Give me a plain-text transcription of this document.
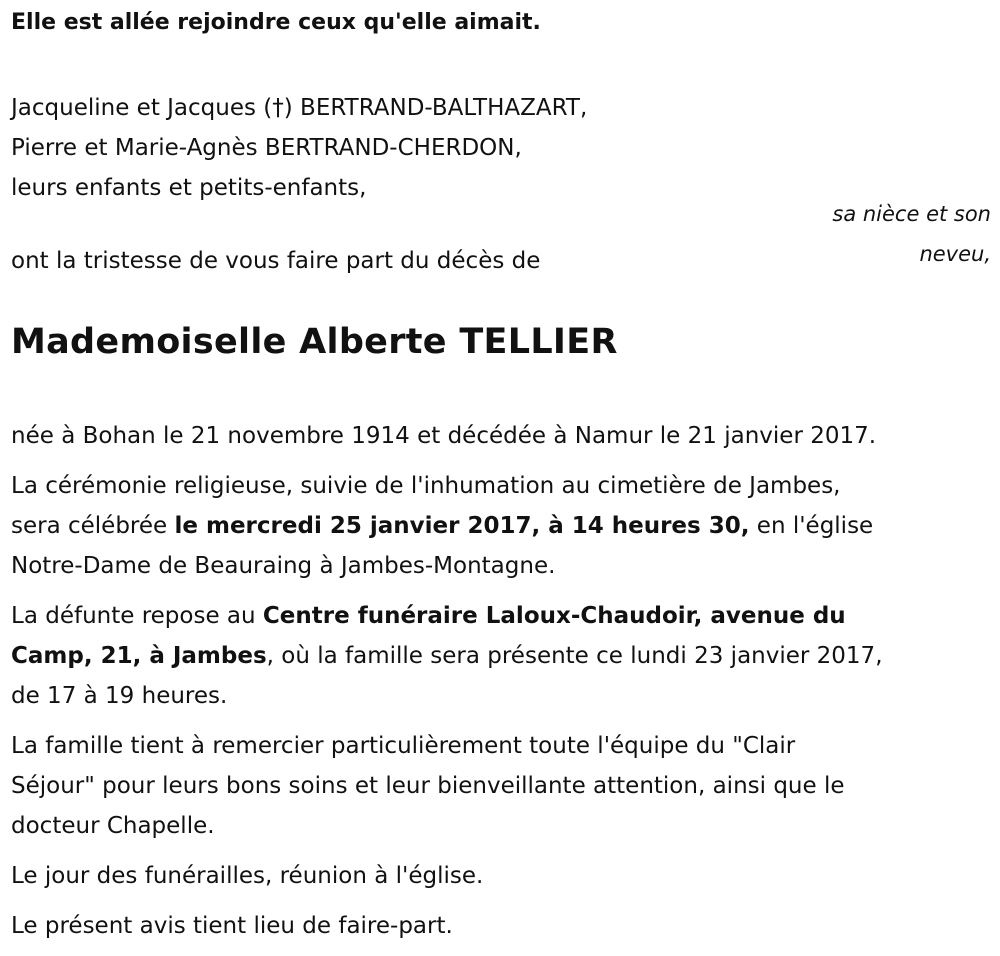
Elle est allée rejoindre ceux qu'elle aimait.
Jacqueline et Jacques (†) BERTRAND-BALTHAZART,
Pierre et Marie-Agnès BERTRAND-CHERDON,
leurs enfants et petits-enfants,
sa nièce et son neveu,
ont la tristesse de vous faire part du décès de
Mademoiselle Alberte TELLIER

née à Bohan le 21 novembre 1914 et décédée à Namur le 21 janvier 2017.

La cérémonie religieuse, suivie de l'inhumation au cimetière de Jambes,
sera célébrée le mercredi 25 janvier 2017, à 14 heures 30, en l'église
Notre-Dame de Beauraing à Jambes-Montagne.

La défunte repose au Centre funéraire Laloux-Chaudoir, avenue du
Camp, 21, à Jambes, où la famille sera présente ce lundi 23 janvier 2017,
de 17 à 19 heures.

La famille tient à remercier particulièrement toute l'équipe du "Clair
Séjour" pour leurs bons soins et leur bienveillante attention, ainsi que le
docteur Chapelle.

Le jour des funérailles, réunion à l'église.

Le présent avis tient lieu de faire-part.
